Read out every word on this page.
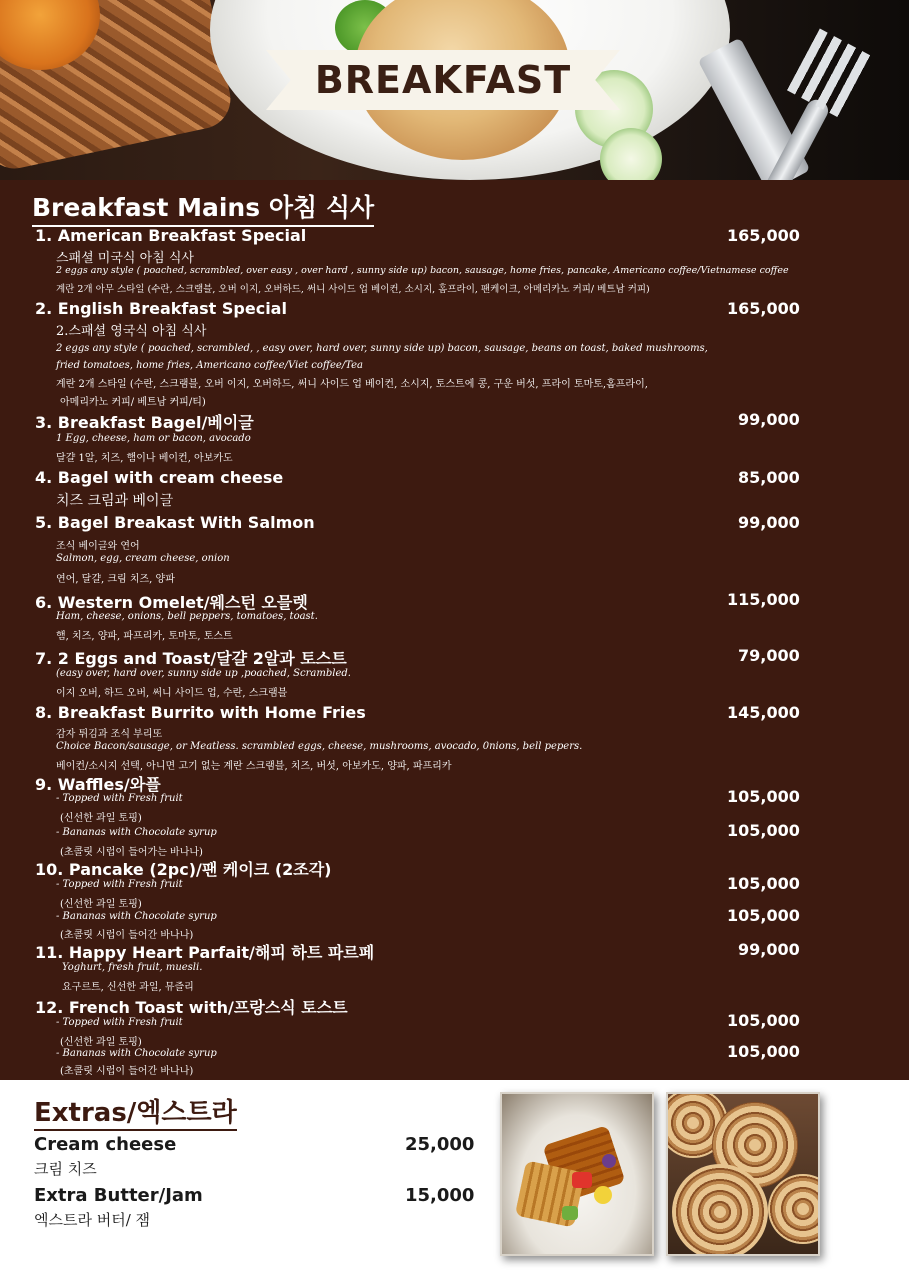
BREAKFAST
Breakfast Mains 아침 식사
1. American Breakfast Special	165,000
스패셜 미국식 아침 식사
2 eggs any style ( poached, scrambled, over easy , over hard , sunny side up) bacon, sausage, home fries, pancake, Americano coffee/Vietnamese coffee
계란 2개 아무 스타일 (수란, 스크램블, 오버 이지, 오버하드, 써니 사이드 업 베이컨, 소시지, 홈프라이, 팬케이크, 아메리카노 커피/ 베트남 커피)
2. English Breakfast Special	165,000
2.스패셜 영국식 아침 식사
2 eggs any style ( poached, scrambled, , easy over, hard over, sunny side up) bacon, sausage, beans on toast, baked mushrooms,
fried tomatoes, home fries, Americano coffee/Viet coffee/Tea
계란 2개 스타일 (수란, 스크램블, 오버 이지, 오버하드, 써니 사이드 업 베이컨, 소시지, 토스트에 콩, 구운 버섯, 프라이 토마토,홈프라이,
아메리카노 커피/ 베트남 커피/티)
3. Breakfast Bagel/베이글	99,000
1 Egg, cheese, ham or bacon, avocado
달걀 1알, 치즈, 햄이나 베이컨, 아보카도
4. Bagel with cream cheese	85,000
치즈 크림과 베이글
5. Bagel Breakast With Salmon	99,000
조식 베이글와 연어
Salmon, egg, cream cheese, onion
연어, 달걀, 크림 치즈, 양파
6. Western Omelet/웨스턴 오믈렛	115,000
Ham, cheese, onions, bell peppers, tomatoes, toast.
햄, 치즈, 양파, 파프리카, 토마토, 토스트
7. 2 Eggs and Toast/달걀 2알과 토스트	79,000
(easy over, hard over, sunny side up ,poached, Scrambled.
이지 오버, 하드 오버, 써니 사이드 업, 수란, 스크램블
8. Breakfast Burrito with Home Fries	145,000
감자 튀김과 조식 부리또
Choice Bacon/sausage, or Meatless. scrambled eggs, cheese, mushrooms, avocado, 0nions, bell pepers.
베이컨/소시지 선택, 아니면 고기 없는 계란 스크램블, 치즈, 버섯, 아보카도, 양파, 파프리카
9. Waffles/와플
- Topped with Fresh fruit	105,000
(신선한 과일 토핑)
- Bananas with Chocolate syrup	105,000
(초콜릿 시럽이 들어가는 바나나)
10. Pancake (2pc)/팬 케이크 (2조각)
- Topped with Fresh fruit	105,000
(신선한 과일 토핑)
- Bananas with Chocolate syrup	105,000
(초콜릿 시럽이 들어간 바나나)
11. Happy Heart Parfait/해피 하트 파르페	99,000
Yoghurt, fresh fruit, muesli.
요구르트, 신선한 과일, 뮤즐리
12. French Toast with/프랑스식 토스트
- Topped with Fresh fruit	105,000
(신선한 과일 토핑)
- Bananas with Chocolate syrup	105,000
(초콜릿 시럽이 들어간 바나나)
Extras/엑스트라
Cream cheese	25,000
크림 치즈
Extra Butter/Jam	15,000
엑스트라 버터/ 잼
